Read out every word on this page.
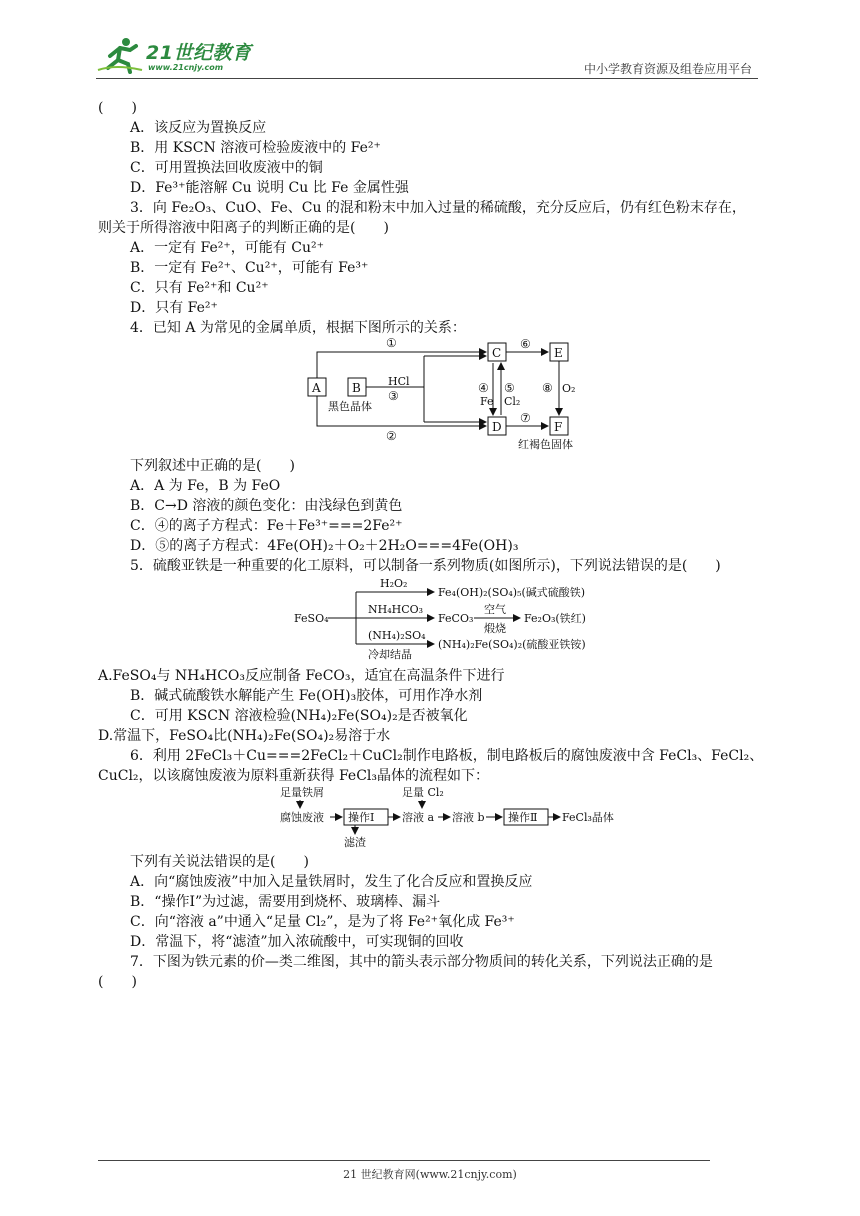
21世纪教育
www.21cnjy.com	中小学教育资源及组卷应用平台
(　　)
A．该反应为置换反应
B．用 KSCN 溶液可检验废液中的 Fe²⁺
C．可用置换法回收废液中的铜
D．Fe³⁺能溶解 Cu 说明 Cu 比 Fe 金属性强
3．向 Fe₂O₃、CuO、Fe、Cu 的混和粉末中加入过量的稀硫酸，充分反应后，仍有红色粉末存在，
则关于所得溶液中阳离子的判断正确的是(　　)
A．一定有 Fe²⁺，可能有 Cu²⁺
B．一定有 Fe²⁺、Cu²⁺，可能有 Fe³⁺
C．只有 Fe²⁺和 Cu²⁺
D．只有 Fe²⁺
4．已知 A 为常见的金属单质，根据下图所示的关系：
A	B
C
D
E
F
①
②
HCl
③
黑色晶体
④
Fe
⑤
Cl₂
⑥
⑦
⑧ O₂
红褐色固体
下列叙述中正确的是(　　)
A．A 为 Fe，B 为 FeO
B．C→D 溶液的颜色变化：由浅绿色到黄色
C．④的离子方程式：Fe＋Fe³⁺===2Fe²⁺
D．⑤的离子方程式：4Fe(OH)₂＋O₂＋2H₂O===4Fe(OH)₃
5．硫酸亚铁是一种重要的化工原料，可以制备一系列物质(如图所示)，下列说法错误的是(　　)
FeSO₄
H₂O₂
Fe₄(OH)₂(SO₄)₅(碱式硫酸铁)
NH₄HCO₃
FeCO₃
空气
煅烧
Fe₂O₃(铁红)
(NH₄)₂SO₄
冷却结晶
(NH₄)₂Fe(SO₄)₂(硫酸亚铁铵)
A.FeSO₄与 NH₄HCO₃反应制备 FeCO₃，适宜在高温条件下进行
B．碱式硫酸铁水解能产生 Fe(OH)₃胶体，可用作净水剂
C．可用 KSCN 溶液检验(NH₄)₂Fe(SO₄)₂是否被氧化
D.常温下，FeSO₄比(NH₄)₂Fe(SO₄)₂易溶于水
6．利用 2FeCl₃＋Cu===2FeCl₂＋CuCl₂制作电路板，制电路板后的腐蚀废液中含 FeCl₃、FeCl₂、
CuCl₂，以该腐蚀废液为原料重新获得 FeCl₃晶体的流程如下：
足量铁屑
腐蚀废液 操作Ⅰ
滤渣
足量 Cl₂
溶液 a 溶液 b 操作Ⅱ FeCl₃晶体
下列有关说法错误的是(　　)
A．向“腐蚀废液”中加入足量铁屑时，发生了化合反应和置换反应
B．“操作Ⅰ”为过滤，需要用到烧杯、玻璃棒、漏斗
C．向“溶液 a”中通入“足量 Cl₂”，是为了将 Fe²⁺氧化成 Fe³⁺
D．常温下，将“滤渣”加入浓硫酸中，可实现铜的回收
7．下图为铁元素的价—类二维图，其中的箭头表示部分物质间的转化关系，下列说法正确的是
(　　)
21 世纪教育网(www.21cnjy.com)
